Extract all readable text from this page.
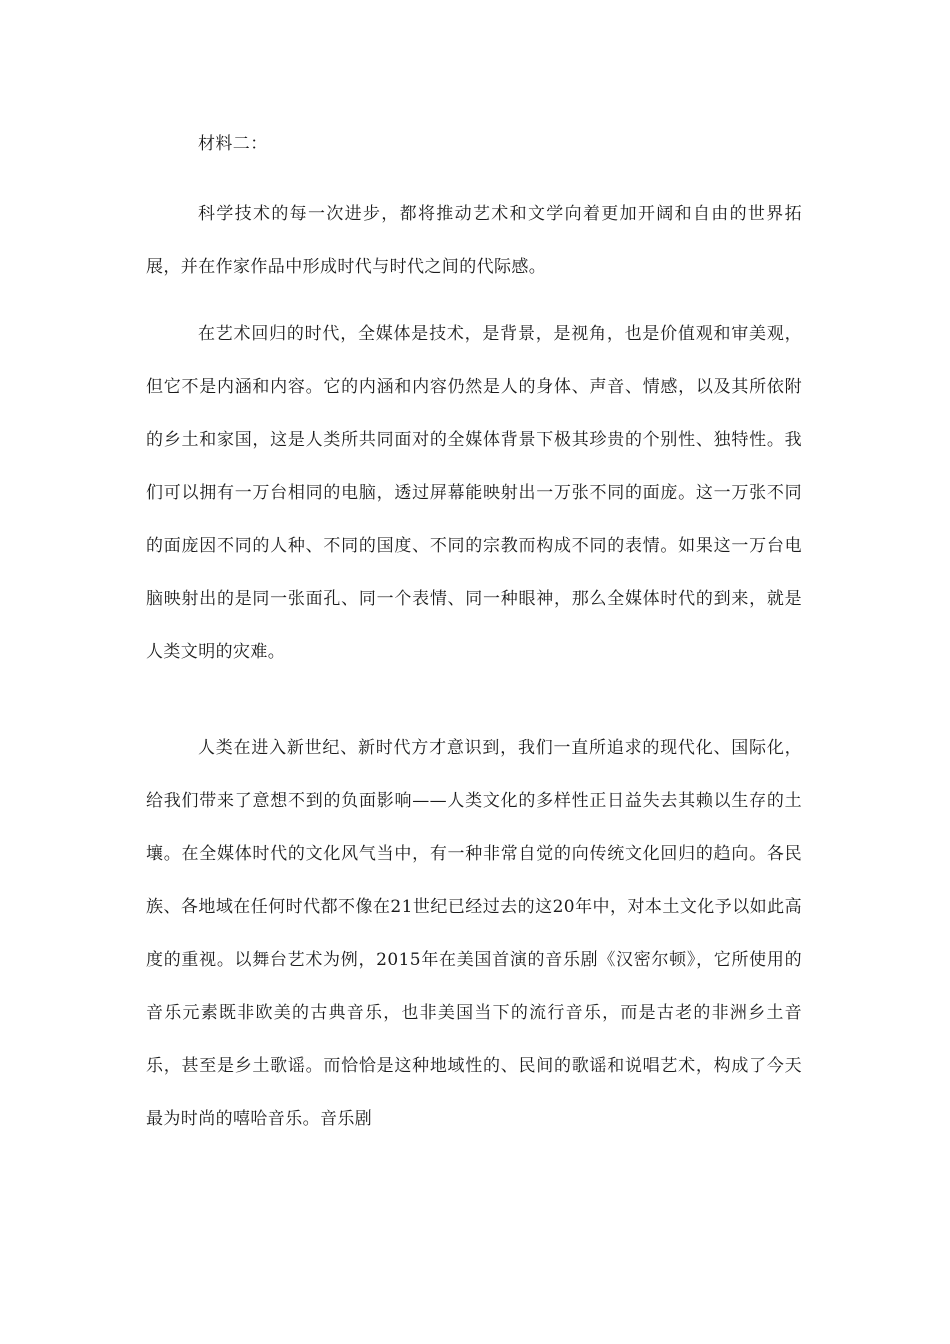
材料二：

科学技术的每一次进步，都将推动艺术和文学向着更加开阔和自由的世界拓展，并在作家作品中形成时代与时代之间的代际感。

在艺术回归的时代，全媒体是技术，是背景，是视角，也是价值观和审美观，但它不是内涵和内容。它的内涵和内容仍然是人的身体、声音、情感，以及其所依附的乡土和家国，这是人类所共同面对的全媒体背景下极其珍贵的个别性、独特性。我们可以拥有一万台相同的电脑，透过屏幕能映射出一万张不同的面庞。这一万张不同的面庞因不同的人种、不同的国度、不同的宗教而构成不同的表情。如果这一万台电脑映射出的是同一张面孔、同一个表情、同一种眼神，那么全媒体时代的到来，就是人类文明的灾难。

人类在进入新世纪、新时代方才意识到，我们一直所追求的现代化、国际化，给我们带来了意想不到的负面影响——人类文化的多样性正日益失去其赖以生存的土壤。在全媒体时代的文化风气当中，有一种非常自觉的向传统文化回归的趋向。各民族、各地域在任何时代都不像在21世纪已经过去的这20年中，对本土文化予以如此高度的重视。以舞台艺术为例，2015年在美国首演的音乐剧《汉密尔顿》，它所使用的音乐元素既非欧美的古典音乐，也非美国当下的流行音乐，而是古老的非洲乡土音乐，甚至是乡土歌谣。而恰恰是这种地域性的、民间的歌谣和说唱艺术，构成了今天最为时尚的嘻哈音乐。音乐剧
